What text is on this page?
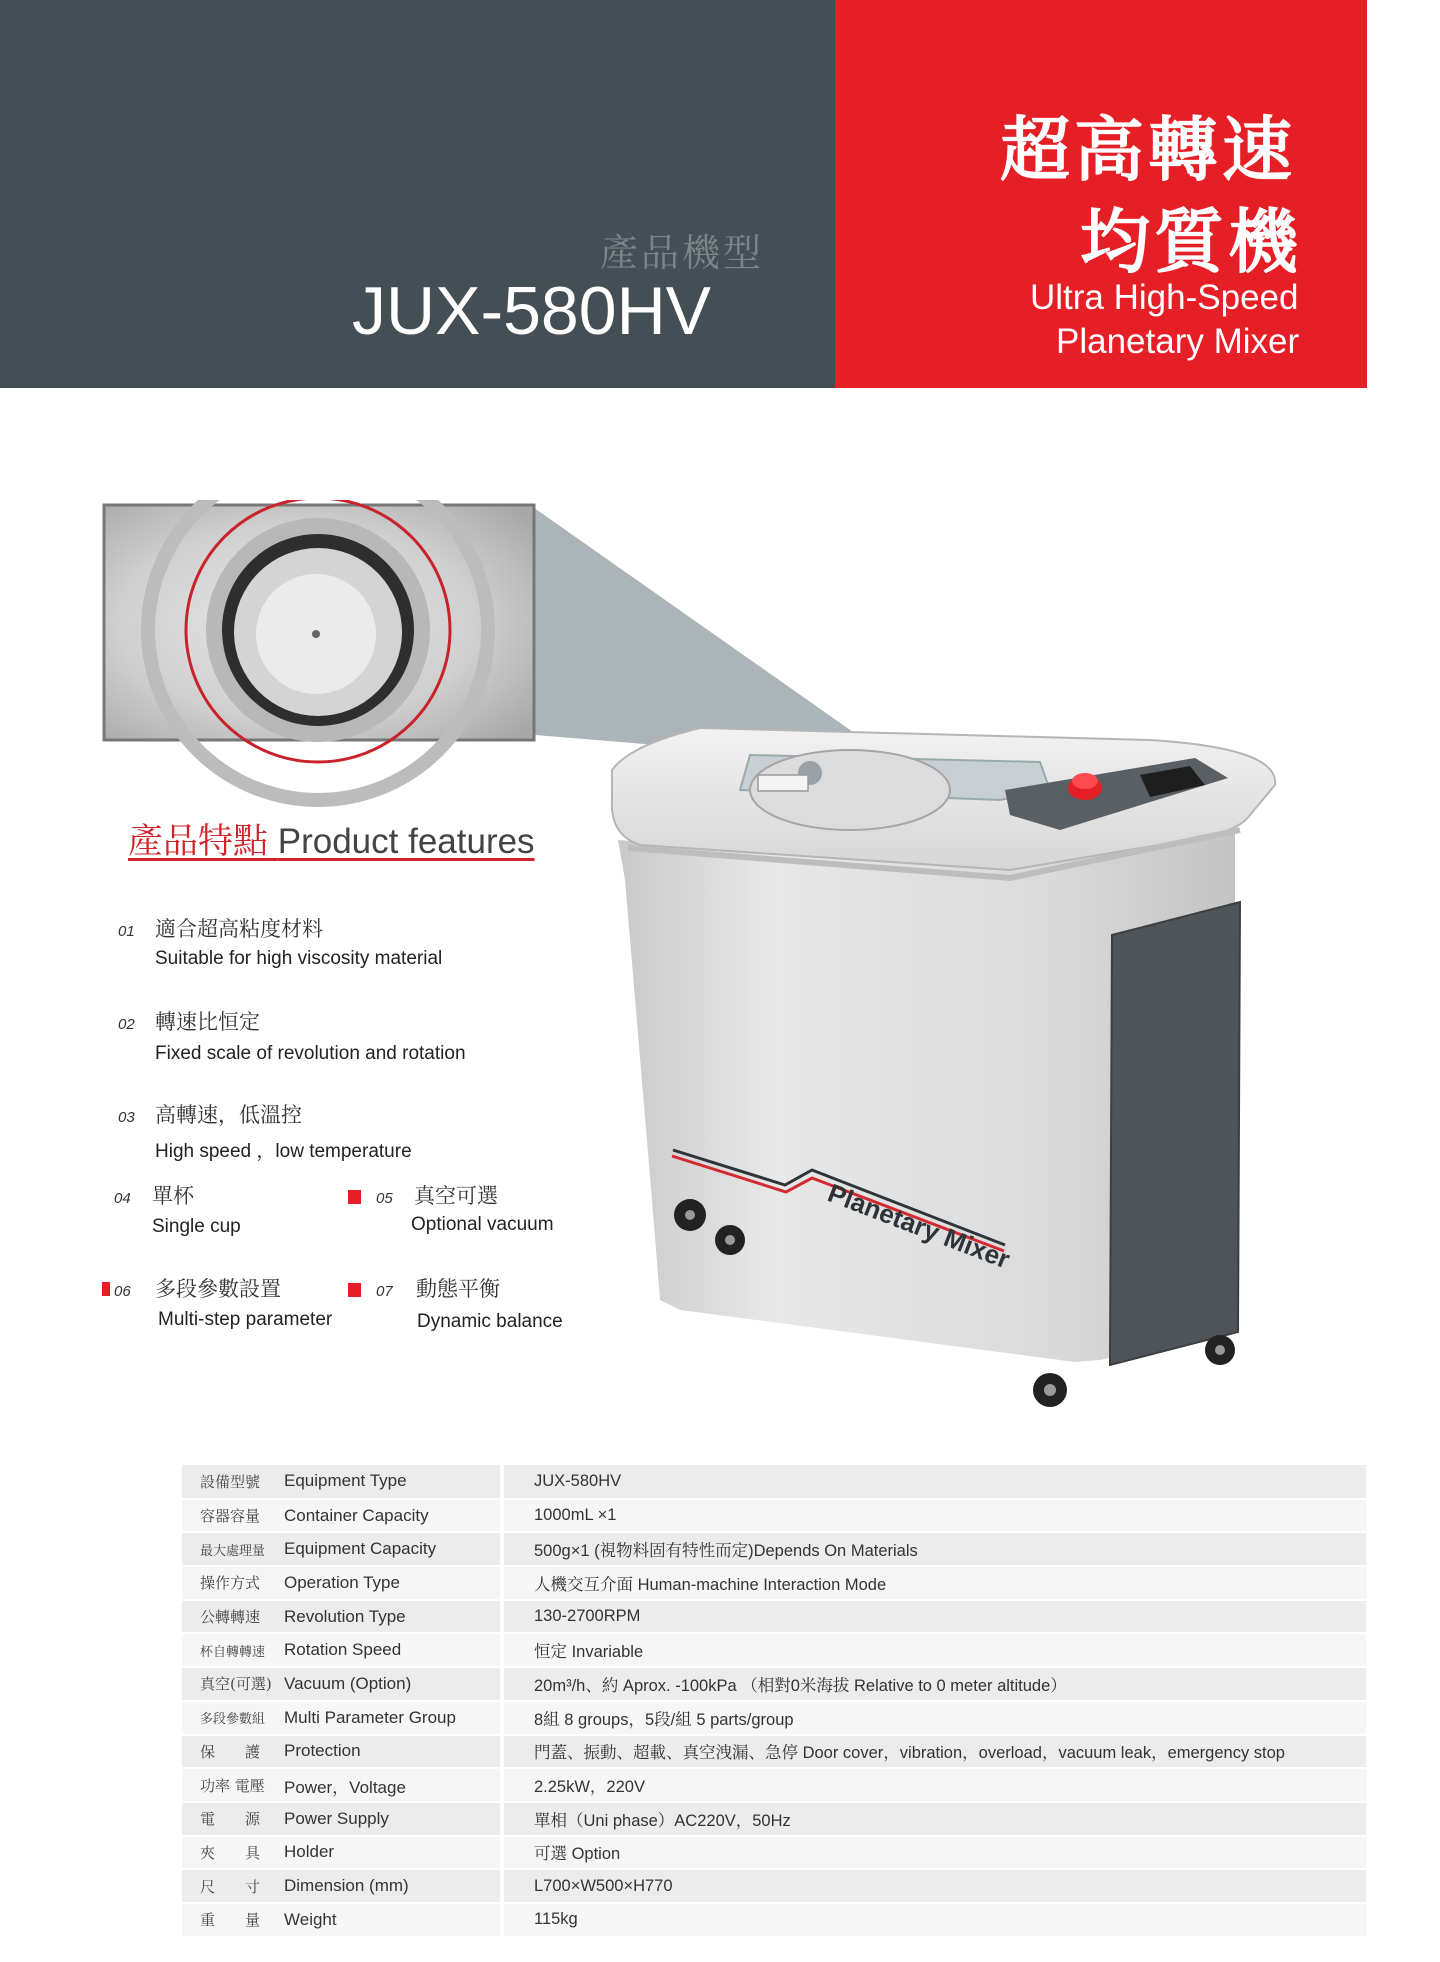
產品機型
JUX-580HV
超高轉速
均質機
Ultra High-Speed
Planetary Mixer
Planetary Mixer
產品特點 Product features
01 適合超高粘度材料
Suitable for high viscosity material
02 轉速比恒定
Fixed scale of revolution and rotation
03 高轉速，低溫控
High speed ，low temperature
04 單杯
Single cup
05 真空可選
Optional vacuum
06 多段參數設置
Multi-step parameter
07 動態平衡
Dynamic balance
設備型號	Equipment Type	JUX-580HV
容器容量	Container Capacity	1000mL ×1
最大處理量	Equipment Capacity	500g×1 (視物料固有特性而定)Depends On Materials
操作方式	Operation Type	人機交互介面 Human-machine Interaction Mode
公轉轉速	Revolution Type	130-2700RPM
杯自轉轉速	Rotation Speed	恒定 Invariable
真空(可選)	Vacuum (Option)	20m³/h、約 Aprox. -100kPa （相對0米海拔 Relative to 0 meter altitude）
多段參數組	Multi Parameter Group	8組 8 groups，5段/組 5 parts/group
保　　護	Protection	門蓋、振動、超載、真空洩漏、急停 Door cover，vibration，overload，vacuum leak，emergency stop
功率 電壓	Power，Voltage	2.25kW，220V
電　　源	Power Supply	單相（Uni phase）AC220V，50Hz
夾　　具	Holder	可選 Option
尺　　寸	Dimension (mm)	L700×W500×H770
重　　量	Weight	115kg
